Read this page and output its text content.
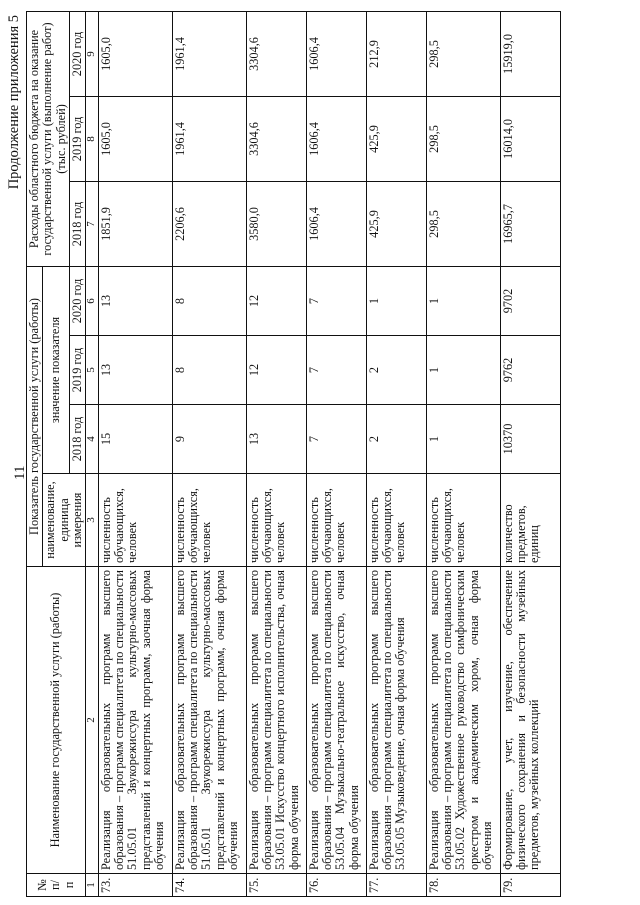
11
Продолжение приложения 5
№ п/п	Наименование государственной услуги (работы)	Показатель государственной услуги (работы)				Расходы областного бюджета на оказание государственной услуги (выполнение работ) (тыс. рублей)		
		наименование, единица измерения	значение показателя					
			2018 год	2019 год	2020 год	2018 год	2019 год	2020 год
1	2	3	4	5	6	7	8	9
73.	Реализация образовательных программ высшего образования – программ специалитета по специальности 51.05.01 Звукорежиссура культурно-массовых представлений и концертных программ, заочная форма обучения	численность обучающихся, человек	15	13	13	1851,9	1605,0	1605,0
74.	Реализация образовательных программ высшего образования – программ специалитета по специальности 51.05.01 Звукорежиссура культурно-массовых представлений и концертных программ, очная форма обучения	численность обучающихся, человек	9	8	8	2206,6	1961,4	1961,4
75.	Реализация образовательных программ высшего образования – программ специалитета по специальности 53.05.01 Искусство концертного исполнительства, очная форма обучения	численность обучающихся, человек	13	12	12	3580,0	3304,6	3304,6
76.	Реализация образовательных программ высшего образования – программ специалитета по специальности 53.05.04 Музыкально-театральное искусство, очная форма обучения	численность обучающихся, человек	7	7	7	1606,4	1606,4	1606,4
77.	Реализация образовательных программ высшего образования – программ специалитета по специальности 53.05.05 Музыковедение, очная форма обучения	численность обучающихся, человек	2	2	1	425,9	425,9	212,9
78.	Реализация образовательных программ высшего образования – программ специалитета по специальности 53.05.02 Художественное руководство симфоническим оркестром и академическим хором, очная форма обучения	численность обучающихся, человек	1	1	1	298,5	298,5	298,5
79.	Формирование, учет, изучение, обеспечение физического сохранения и безопасности музейных предметов, музейных коллекций	количество предметов, единиц	10370	9762	9702	16965,7	16014,0	15919,0
